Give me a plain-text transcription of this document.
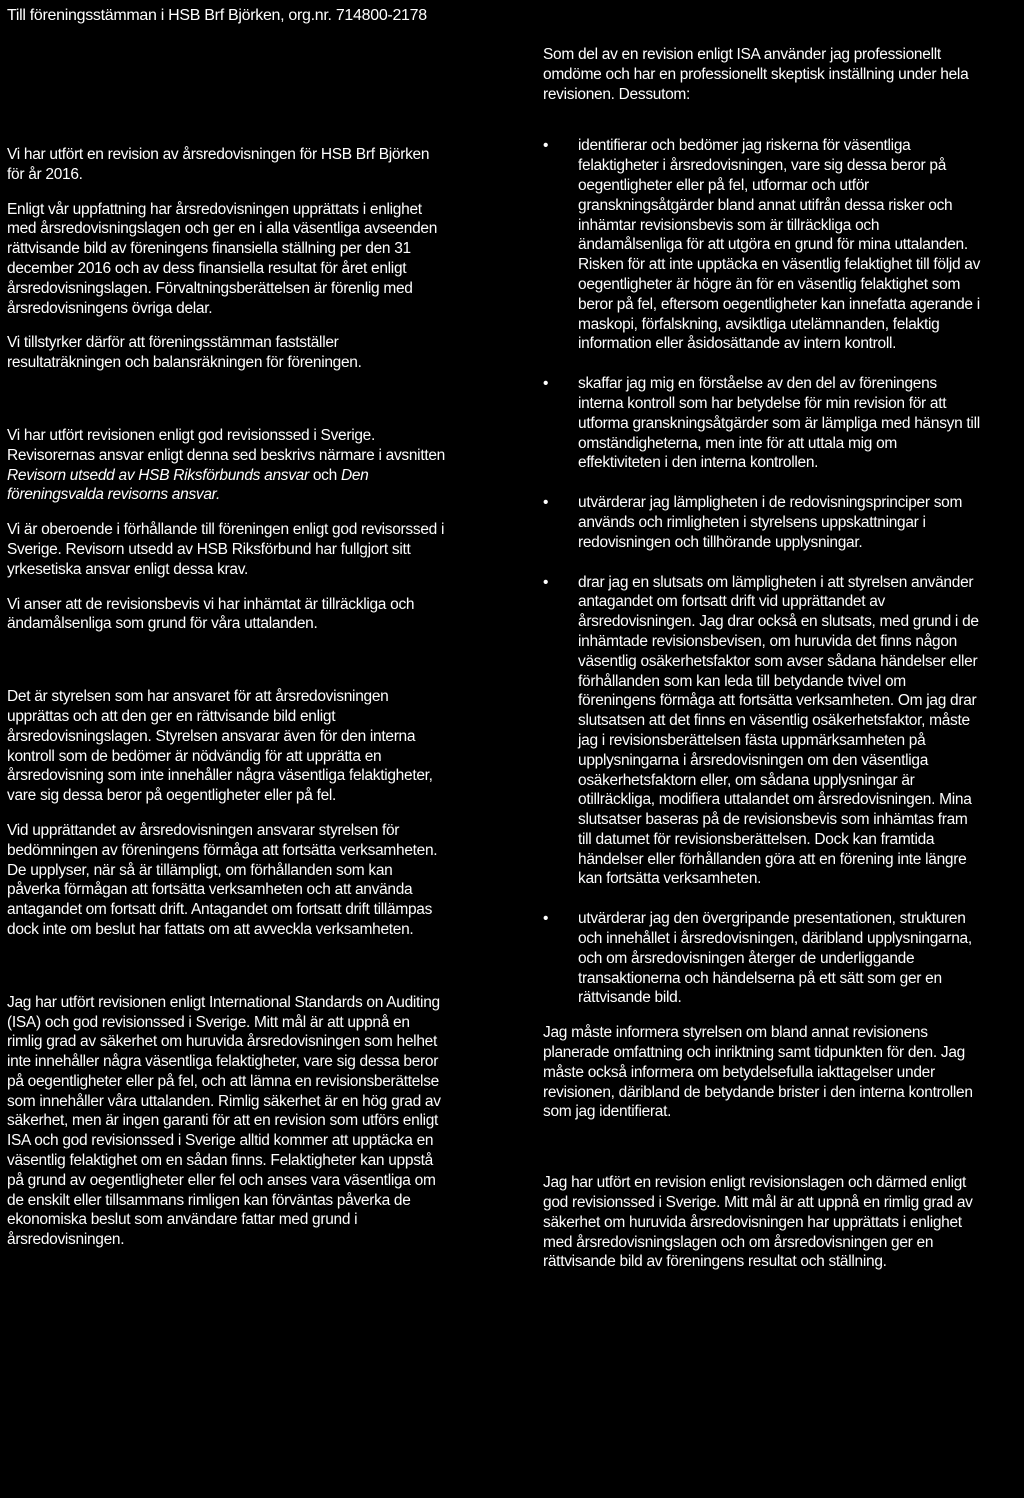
Till föreningsstämman i HSB Brf Björken, org.nr. 714800-2178

Vi har utfört en revision av årsredovisningen för HSB Brf Björken
för år 2016.

Enligt vår uppfattning har årsredovisningen upprättats i enlighet
med årsredovisningslagen och ger en i alla väsentliga avseenden
rättvisande bild av föreningens finansiella ställning per den 31
december 2016 och av dess finansiella resultat för året enligt
årsredovisningslagen. Förvaltningsberättelsen är förenlig med
årsredovisningens övriga delar.

Vi tillstyrker därför att föreningsstämman fastställer
resultaträkningen och balansräkningen för föreningen.

Vi har utfört revisionen enligt god revisionssed i Sverige.
Revisorernas ansvar enligt denna sed beskrivs närmare i avsnitten
Revisorn utsedd av HSB Riksförbunds ansvar och Den
föreningsvalda revisorns ansvar.

Vi är oberoende i förhållande till föreningen enligt god revisorssed i
Sverige. Revisorn utsedd av HSB Riksförbund har fullgjort sitt
yrkesetiska ansvar enligt dessa krav.

Vi anser att de revisionsbevis vi har inhämtat är tillräckliga och
ändamålsenliga som grund för våra uttalanden.

Det är styrelsen som har ansvaret för att årsredovisningen
upprättas och att den ger en rättvisande bild enligt
årsredovisningslagen. Styrelsen ansvarar även för den interna
kontroll som de bedömer är nödvändig för att upprätta en
årsredovisning som inte innehåller några väsentliga felaktigheter,
vare sig dessa beror på oegentligheter eller på fel.

Vid upprättandet av årsredovisningen ansvarar styrelsen för
bedömningen av föreningens förmåga att fortsätta verksamheten.
De upplyser, när så är tillämpligt, om förhållanden som kan
påverka förmågan att fortsätta verksamheten och att använda
antagandet om fortsatt drift. Antagandet om fortsatt drift tillämpas
dock inte om beslut har fattats om att avveckla verksamheten.

Jag har utfört revisionen enligt International Standards on Auditing
(ISA) och god revisionssed i Sverige. Mitt mål är att uppnå en
rimlig grad av säkerhet om huruvida årsredovisningen som helhet
inte innehåller några väsentliga felaktigheter, vare sig dessa beror
på oegentligheter eller på fel, och att lämna en revisionsberättelse
som innehåller våra uttalanden. Rimlig säkerhet är en hög grad av
säkerhet, men är ingen garanti för att en revision som utförs enligt
ISA och god revisionssed i Sverige alltid kommer att upptäcka en
väsentlig felaktighet om en sådan finns. Felaktigheter kan uppstå
på grund av oegentligheter eller fel och anses vara väsentliga om
de enskilt eller tillsammans rimligen kan förväntas påverka de
ekonomiska beslut som användare fattar med grund i
årsredovisningen.

Som del av en revision enligt ISA använder jag professionellt
omdöme och har en professionellt skeptisk inställning under hela
revisionen. Dessutom:

• identifierar och bedömer jag riskerna för väsentliga
felaktigheter i årsredovisningen, vare sig dessa beror på
oegentligheter eller på fel, utformar och utför
granskningsåtgärder bland annat utifrån dessa risker och
inhämtar revisionsbevis som är tillräckliga och
ändamålsenliga för att utgöra en grund för mina uttalanden.
Risken för att inte upptäcka en väsentlig felaktighet till följd av
oegentligheter är högre än för en väsentlig felaktighet som
beror på fel, eftersom oegentligheter kan innefatta agerande i
maskopi, förfalskning, avsiktliga utelämnanden, felaktig
information eller åsidosättande av intern kontroll.
• skaffar jag mig en förståelse av den del av föreningens
interna kontroll som har betydelse för min revision för att
utforma granskningsåtgärder som är lämpliga med hänsyn till
omständigheterna, men inte för att uttala mig om
effektiviteten i den interna kontrollen.
• utvärderar jag lämpligheten i de redovisningsprinciper som
används och rimligheten i styrelsens uppskattningar i
redovisningen och tillhörande upplysningar.
• drar jag en slutsats om lämpligheten i att styrelsen använder
antagandet om fortsatt drift vid upprättandet av
årsredovisningen. Jag drar också en slutsats, med grund i de
inhämtade revisionsbevisen, om huruvida det finns någon
väsentlig osäkerhetsfaktor som avser sådana händelser eller
förhållanden som kan leda till betydande tvivel om
föreningens förmåga att fortsätta verksamheten. Om jag drar
slutsatsen att det finns en väsentlig osäkerhetsfaktor, måste
jag i revisionsberättelsen fästa uppmärksamheten på
upplysningarna i årsredovisningen om den väsentliga
osäkerhetsfaktorn eller, om sådana upplysningar är
otillräckliga, modifiera uttalandet om årsredovisningen. Mina
slutsatser baseras på de revisionsbevis som inhämtas fram
till datumet för revisionsberättelsen. Dock kan framtida
händelser eller förhållanden göra att en förening inte längre
kan fortsätta verksamheten.
• utvärderar jag den övergripande presentationen, strukturen
och innehållet i årsredovisningen, däribland upplysningarna,
och om årsredovisningen återger de underliggande
transaktionerna och händelserna på ett sätt som ger en
rättvisande bild.

Jag måste informera styrelsen om bland annat revisionens
planerade omfattning och inriktning samt tidpunkten för den. Jag
måste också informera om betydelsefulla iakttagelser under
revisionen, däribland de betydande brister i den interna kontrollen
som jag identifierat.

Jag har utfört en revision enligt revisionslagen och därmed enligt
god revisionssed i Sverige. Mitt mål är att uppnå en rimlig grad av
säkerhet om huruvida årsredovisningen har upprättats i enlighet
med årsredovisningslagen och om årsredovisningen ger en
rättvisande bild av föreningens resultat och ställning.
